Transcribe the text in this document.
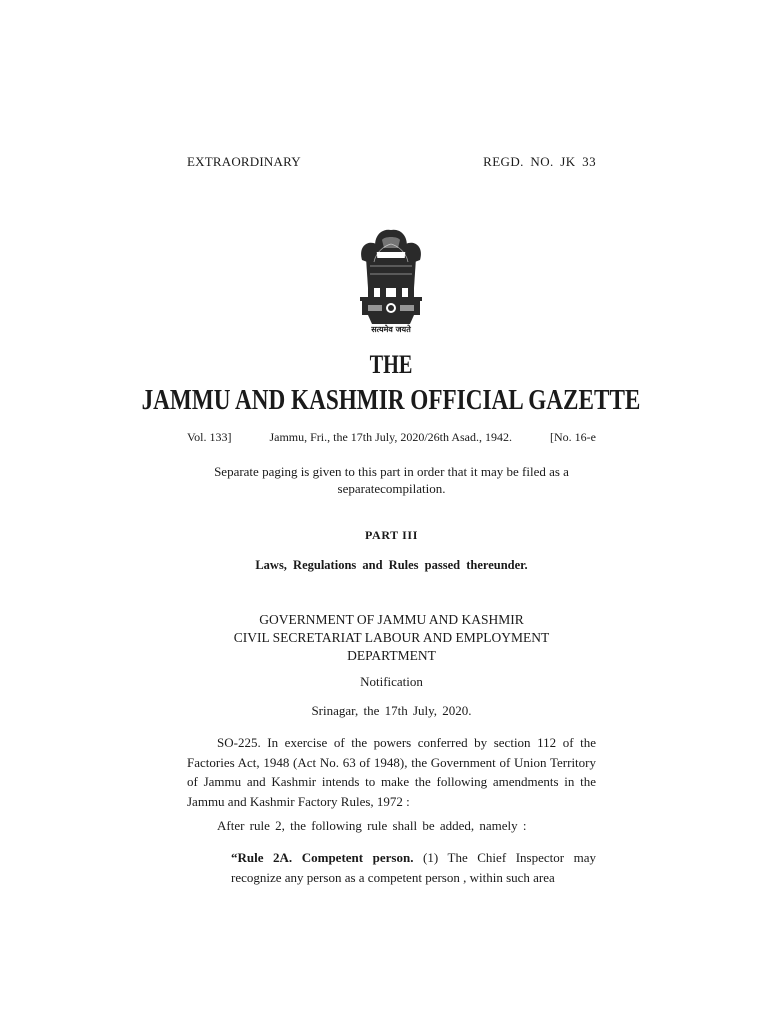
EXTRAORDINARY	REGD. NO. JK 33
सत्यमेव जयते
THE
JAMMU AND KASHMIR OFFICIAL GAZETTE
Vol. 133]	Jammu, Fri., the 17th July, 2020/26th Asad., 1942.	[No. 16-e
Separate paging is given to this part in order that it may be filed as a
separatecompilation.
PART III
Laws, Regulations and Rules passed thereunder.
GOVERNMENT OF JAMMU AND KASHMIR
CIVIL SECRETARIAT LABOUR AND EMPLOYMENT
DEPARTMENT
Notification
Srinagar, the 17th July, 2020.
SO-225. In exercise of the powers conferred by section 112 of the Factories Act, 1948 (Act No. 63 of 1948), the Government of Union Territory of Jammu and Kashmir intends to make the following amendments in the Jammu and Kashmir Factory Rules, 1972 :
After rule 2, the following rule shall be added, namely :
“Rule 2A. Competent person. (1) The Chief Inspector may recognize any person as a competent person , within such area
